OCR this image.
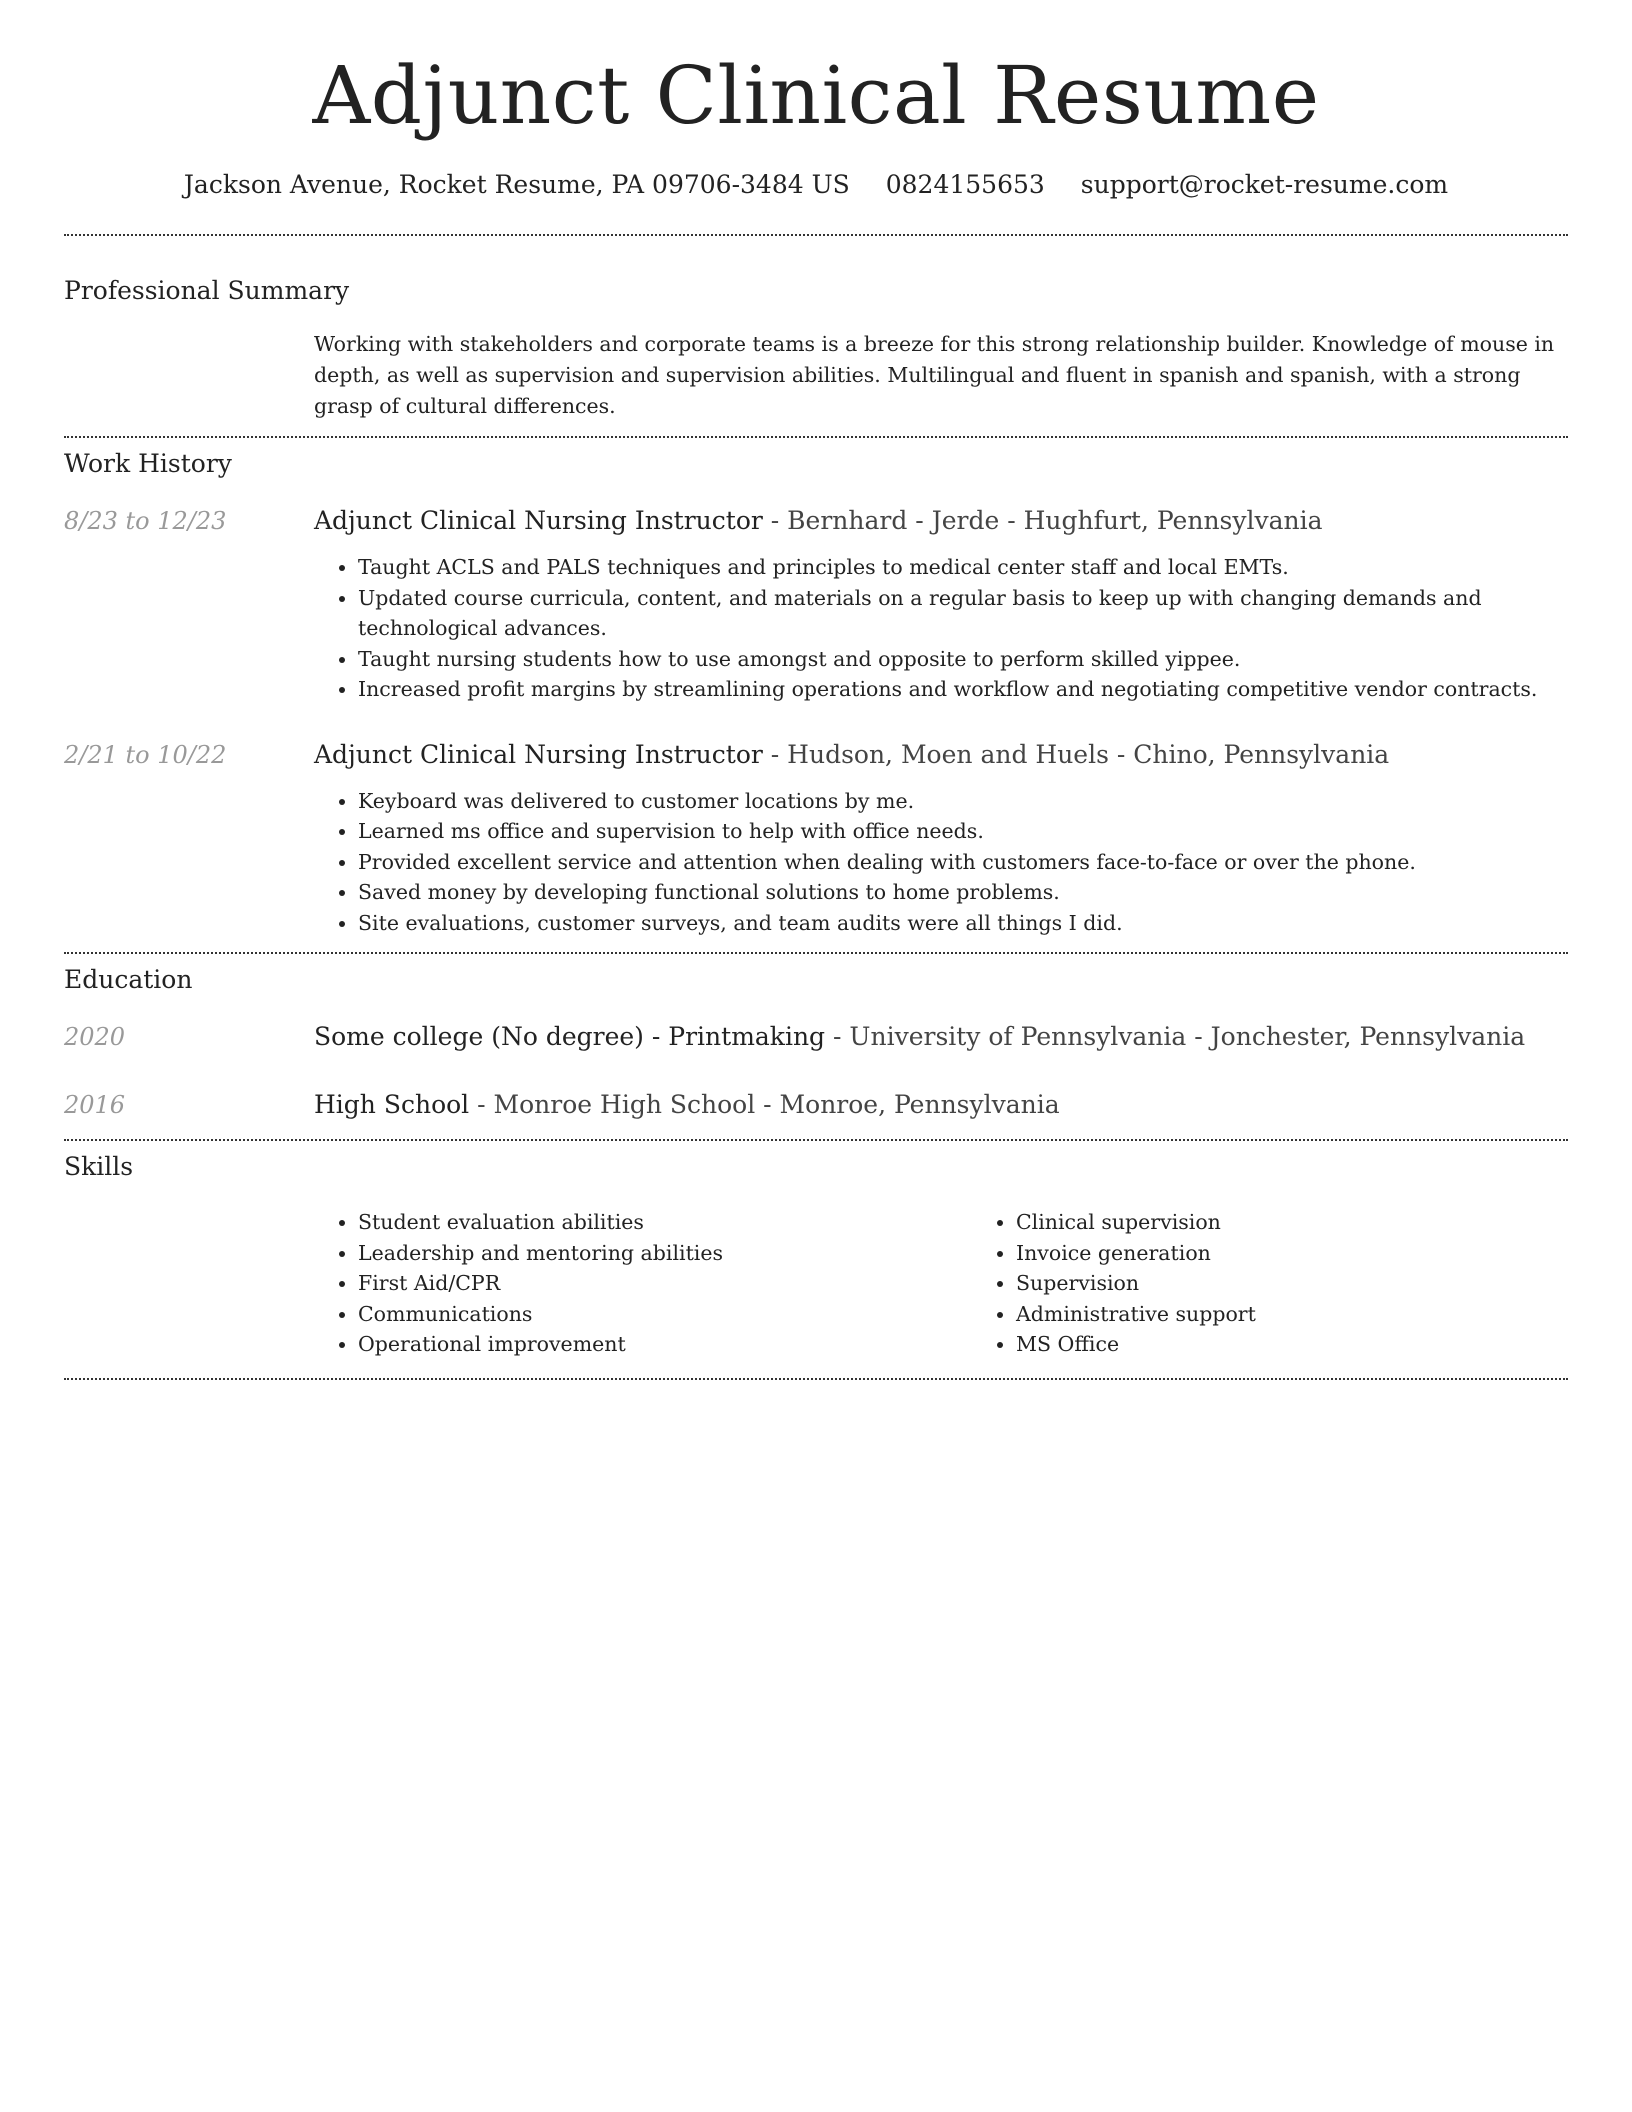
Adjunct Clinical Resume
Jackson Avenue, Rocket Resume, PA 09706-3484 US 0824155653 support@rocket-resume.com
Professional Summary

Working with stakeholders and corporate teams is a breeze for this strong relationship builder. Knowledge of mouse in depth, as well as supervision and supervision abilities. Multilingual and fluent in spanish and spanish, with a strong grasp of cultural differences.

Work History
8/23 to 12/23	Adjunct Clinical Nursing Instructor - Bernhard - Jerde - Hughfurt, Pennsylvania
• Taught ACLS and PALS techniques and principles to medical center staff and local EMTs.
• Updated course curricula, content, and materials on a regular basis to keep up with changing demands and technological advances.
• Taught nursing students how to use amongst and opposite to perform skilled yippee.
• Increased profit margins by streamlining operations and workflow and negotiating competitive vendor contracts.
2/21 to 10/22	Adjunct Clinical Nursing Instructor - Hudson, Moen and Huels - Chino, Pennsylvania
• Keyboard was delivered to customer locations by me.
• Learned ms office and supervision to help with office needs.
• Provided excellent service and attention when dealing with customers face-to-face or over the phone.
• Saved money by developing functional solutions to home problems.
• Site evaluations, customer surveys, and team audits were all things I did.
Education
2020	Some college (No degree) - Printmaking - University of Pennsylvania - Jonchester, Pennsylvania
2016	High School - Monroe High School - Monroe, Pennsylvania
Skills
• Student evaluation abilities
• Leadership and mentoring abilities
• First Aid/CPR
• Communications
• Operational improvement
• Clinical supervision
• Invoice generation
• Supervision
• Administrative support
• MS Office
